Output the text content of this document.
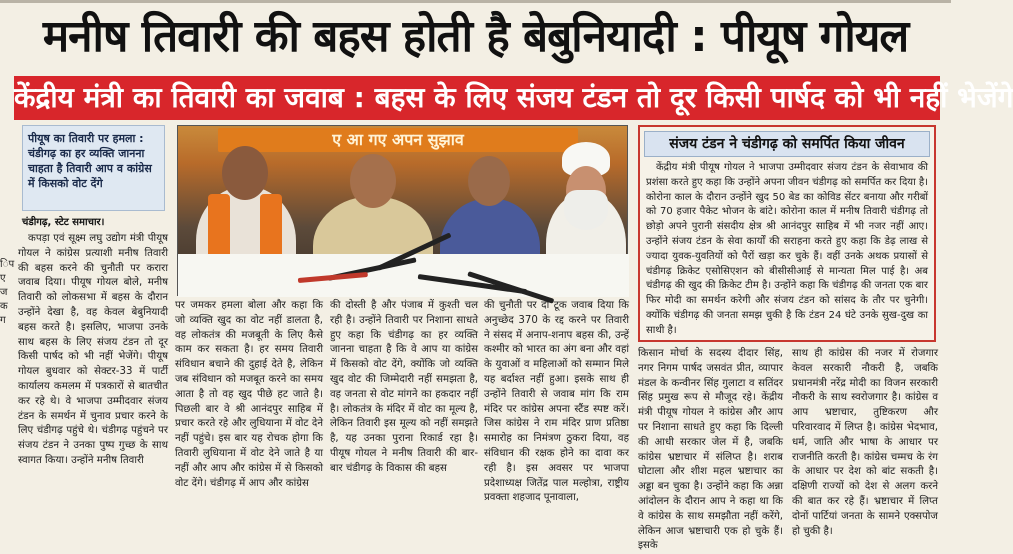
मनीष तिवारी की बहस होती है बेबुनियादी : पीयूष गोयल
केंद्रीय मंत्री का तिवारी का जवाब : बहस के लिए संजय टंडन तो दूर किसी पार्षद को भी नहीं भेजेंगे
पीयूष का तिवारी पर हमला : चंडीगढ़ का हर व्यक्ति जानना चाहता है तिवारी आप व कांग्रेस में किसको वोट देंगे
चंडीगढ़, स्टेट समाचार।
िप ए ज क ग
कपड़ा एवं सूक्ष्म लघु उद्योग मंत्री पीयूष गोयल ने कांग्रेस प्रत्याशी मनीष तिवारी की बहस करने की चुनौती पर करारा जवाब दिया। पीयूष गोयल बोले, मनीष तिवारी को लोकसभा में बहस के दौरान उन्होंने देखा है, वह केवल बेबुनियादी बहस करते है। इसलिए, भाजपा उनके साथ बहस के लिए संजय टंडन तो दूर किसी पार्षद को भी नहीं भेजेंगे। पीयूष गोयल बुधवार को सेक्टर-33 में पार्टी कार्यालय कमलम में पत्रकारों से बातचीत कर रहे थे। वे भाजपा उम्मीदवार संजय टंडन के समर्थन में चुनाव प्रचार करने के लिए चंडीगढ़ पहुंचे थे। चंडीगढ़ पहुंचने पर संजय टंडन ने उनका पुष्प गुच्छ के साथ स्वागत किया। उन्होंने मनीष तिवारी
ए आ गए अपन सुझाव
पर जमकर हमला बोला और कहा कि जो व्यक्ति खुद का वोट नहीं डालता है, वह लोकतंत्र की मजबूती के लिए कैसे काम कर सकता है। हर समय तिवारी संविधान बचाने की दुहाई देते है, लेकिन जब संविधान को मजबूत करने का समय आता है तो वह खुद पीछे हट जाते है। पिछली बार वे श्री आनंदपुर साहिब में प्रचार करते रहे और लुधियाना में वोट देने नहीं पहुंचे। इस बार यह रोचक होगा कि तिवारी लुधियाना में वोट देने जाते है या नहीं और आप और कांग्रेस में से किसको वोट देंगे। चंडीगढ़ में आप और कांग्रेस
की दोस्ती है और पंजाब में कुश्ती चल रही है। उन्होंने तिवारी पर निशाना साधते हुए कहा कि चंडीगढ़ का हर व्यक्ति जानना चाहता है कि वे आप या कांग्रेस में किसको वोट देंगे, क्योंकि जो व्यक्ति खुद वोट की जिम्मेदारी नहीं समझता है, वह जनता से वोट मांगने का हकदार नहीं है। लोकतंत्र के मंदिर में वोट का मूल्य है, लेकिन तिवारी इस मूल्य को नहीं समझते है, यह उनका पुराना रिकार्ड रहा है। पीयूष गोयल ने मनीष तिवारी की बार-बार चंडीगढ़ के विकास की बहस
की चुनौती पर दो टूक जवाब दिया कि अनुच्छेद 370 के रद्द करने पर तिवारी ने संसद में अनाप-शनाप बहस की, उन्हें कश्मीर को भारत का अंग बना और वहां के युवाओं व महिलाओं को सम्मान मिले यह बर्दाश्त नहीं हुआ। इसके साथ ही उन्होंने तिवारी से जवाब मांग कि राम मंदिर पर कांग्रेस अपना स्टैंड स्पष्ट करें। जिस कांग्रेस ने राम मंदिर प्राण प्रतिष्ठा समारोह का निमंत्रण ठुकरा दिया, वह संविधान की रक्षक होने का दावा कर रही है। इस अवसर पर भाजपा प्रदेशाध्यक्ष जितेंद्र पाल मल्होत्रा, राष्ट्रीय प्रवक्ता शहजाद पूनावाला,
संजय टंडन ने चंडीगढ़ को समर्पित किया जीवन
केंद्रीय मंत्री पीयूष गोयल ने भाजपा उम्मीदवार संजय टंडन के सेवाभाव की प्रशंसा करते हुए कहा कि उन्होंने अपना जीवन चंडीगढ़ को समर्पित कर दिया है। कोरोना काल के दौरान उन्होंने खुद 50 बेड का कोविड सेंटर बनाया और गरीबों को 70 हजार पैकेट भोजन के बांटे। कोरोना काल में मनीष तिवारी चंडीगढ़ तो छोड़ो अपने पुरानी संसदीय क्षेत्र श्री आनंदपुर साहिब में भी नजर नहीं आए। उन्होंने संजय टंडन के सेवा कार्यों की सराहना करते हुए कहा कि डेढ़ लाख से ज्यादा युवक-युवतियों को पैरों खड़ा कर चुके हैं। वहीं उनके अथक प्रयासों से चंडीगढ़ क्रिकेट एसोसिएशन को बीसीसीआई से मान्यता मिल पाई है। अब चंडीगढ़ की खुद की क्रिकेट टीम है। उन्होंने कहा कि चंडीगढ़ की जनता एक बार फिर मोदी का समर्थन करेगी और संजय टंडन को सांसद के तौर पर चुनेगी। क्योंकि चंडीगढ़ की जनता समझ चुकी है कि टंडन 24 घंटे उनके सुख-दुख का साथी है।
किसान मोर्चा के सदस्य दीदार सिंह, नगर निगम पार्षद जसवंत प्रीत, व्यापार मंडल के कन्वीनर सिंह गुलाटा व सतिंदर सिंह प्रमुख रूप से मौजूद रहे। केंद्रीय मंत्री पीयूष गोयल ने कांग्रेस और आप पर निशाना साधते हुए कहा कि दिल्ली की आधी सरकार जेल में है, जबकि कांग्रेस भ्रष्टाचार में संलिप्त है। शराब घोटाला और शीश महल भ्रष्टाचार का अड्डा बन चुका है। उन्होंने कहा कि अन्ना आंदोलन के दौरान आप ने कहा था कि वे कांग्रेस के साथ समझौता नहीं करेंगे, लेकिन आज भ्रष्टाचारी एक हो चुके हैं। इसके
साथ ही कांग्रेस की नजर में रोजगार केवल सरकारी नौकरी है, जबकि प्रधानमंत्री नरेंद्र मोदी का विजन सरकारी नौकरी के साथ स्वरोजगार है। कांग्रेस व आप भ्रष्टाचार, तुष्टिकरण और परिवारवाद में लिप्त है। कांग्रेस भेदभाव, धर्म, जाति और भाषा के आधार पर राजनीति करती है। कांग्रेस चम्मच के रंग के आधार पर देश को बांट सकती है। दक्षिणी राज्यों को देश से अलग करने की बात कर रहे हैं। भ्रष्टाचार में लिप्त दोनों पार्टियां जनता के सामने एक्सपोज हो चुकी है।
